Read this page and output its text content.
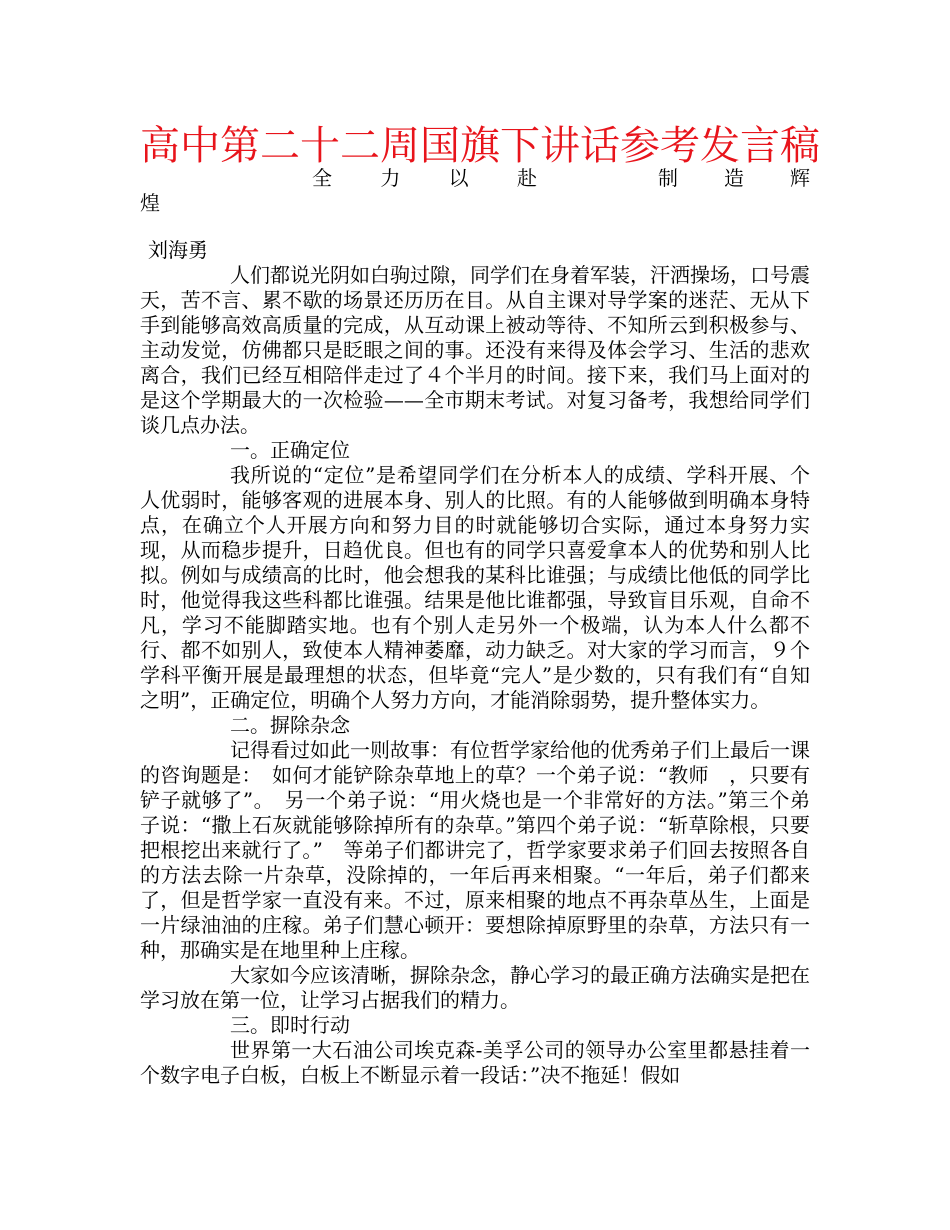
高中第二十二周国旗下讲话参考发言稿
全 力 以 赴	制 造 辉
煌

刘海勇

人们都说光阴如白驹过隙，同学们在身着军装，汗洒操场，口号震天，苦不言、累不歇的场景还历历在目。从自主课对导学案的迷茫、无从下手到能够高效高质量的完成，从互动课上被动等待、不知所云到积极参与、主动发觉，仿佛都只是眨眼之间的事。还没有来得及体会学习、生活的悲欢离合，我们已经互相陪伴走过了４个半月的时间。接下来，我们马上面对的是这个学期最大的一次检验——全市期末考试。对复习备考，我想给同学们谈几点办法。

一。正确定位

我所说的“定位”是希望同学们在分析本人的成绩、学科开展、个人优弱时，能够客观的进展本身、别人的比照。有的人能够做到明确本身特点，在确立个人开展方向和努力目的时就能够切合实际，通过本身努力实现，从而稳步提升，日趋优良。但也有的同学只喜爱拿本人的优势和别人比拟。例如与成绩高的比时，他会想我的某科比谁强；与成绩比他低的同学比时，他觉得我这些科都比谁强。结果是他比谁都强，导致盲目乐观，自命不凡，学习不能脚踏实地。也有个别人走另外一个极端，认为本人什么都不行、都不如别人，致使本人精神萎靡，动力缺乏。对大家的学习而言，９个学科平衡开展是最理想的状态，但毕竟“完人”是少数的，只有我们有“自知之明”，正确定位，明确个人努力方向，才能消除弱势，提升整体实力。

二。摒除杂念

记得看过如此一则故事：有位哲学家给他的优秀弟子们上最后一课的咨询题是：　如何才能铲除杂草地上的草？一个弟子说：“教师　，只要有铲子就够了”。　另一个弟子说：“用火烧也是一个非常好的方法。”第三个弟子说：“撒上石灰就能够除掉所有的杂草。”第四个弟子说：“斩草除根，只要把根挖出来就行了。”　等弟子们都讲完了，哲学家要求弟子们回去按照各自的方法去除一片杂草，没除掉的，一年后再来相聚。“一年后，弟子们都来了，但是哲学家一直没有来。不过，原来相聚的地点不再杂草丛生，上面是一片绿油油的庄稼。弟子们慧心顿开：要想除掉原野里的杂草，方法只有一种，那确实是在地里种上庄稼。

大家如今应该清晰，摒除杂念，静心学习的最正确方法确实是把在学习放在第一位，让学习占据我们的精力。

三。即时行动

世界第一大石油公司埃克森-美孚公司的领导办公室里都悬挂着一个数字电子白板，白板上不断显示着一段话：”决不拖延！假如
